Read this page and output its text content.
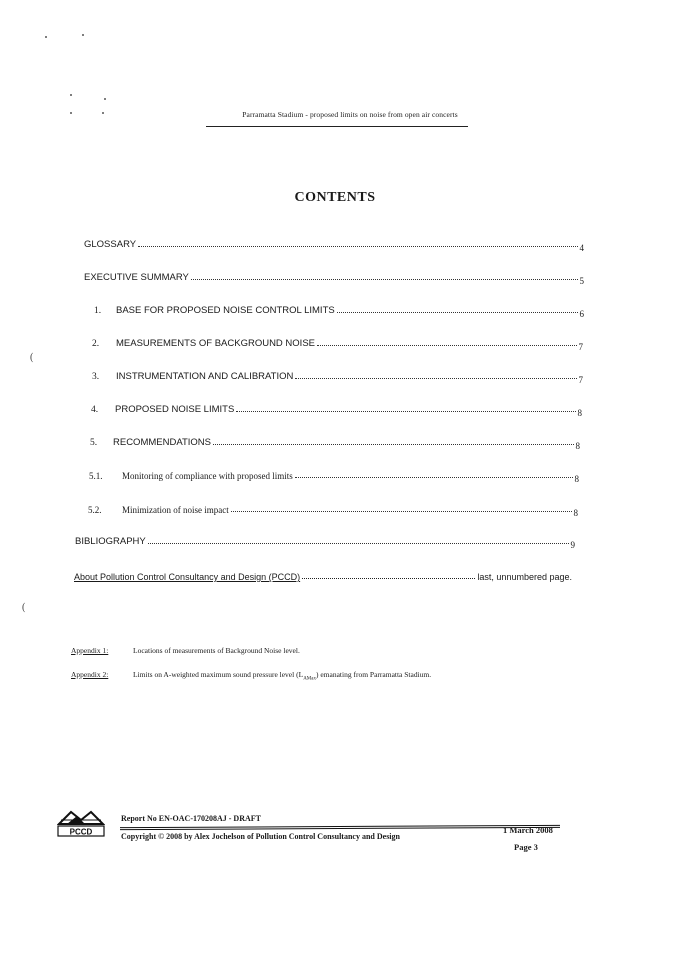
(
(
Parramatta Stadium - proposed limits on noise from open air concerts
CONTENTS
GLOSSARY	4
EXECUTIVE SUMMARY	5
1.	BASE FOR PROPOSED NOISE CONTROL LIMITS	6
2.	MEASUREMENTS OF BACKGROUND NOISE	7
3.	INSTRUMENTATION AND CALIBRATION	7
4.	PROPOSED NOISE LIMITS	8
5.	RECOMMENDATIONS	8
5.1.	Monitoring of compliance with proposed limits	8
5.2.	Minimization of noise impact	8
BIBLIOGRAPHY	9
About Pollution Control Consultancy and Design (PCCD)	last, unnumbered page.
Appendix 1:	Locations of measurements of Background Noise level.
Appendix 2:	Limits on A-weighted maximum sound pressure level $(L_{AMax})$ emanating from Parramatta Stadium.
PCCD
Report No EN-OAC-170208AJ - DRAFT
Copyright © 2008 by Alex Jochelson of Pollution Control Consultancy and Design
1 March 2008
Page 3
